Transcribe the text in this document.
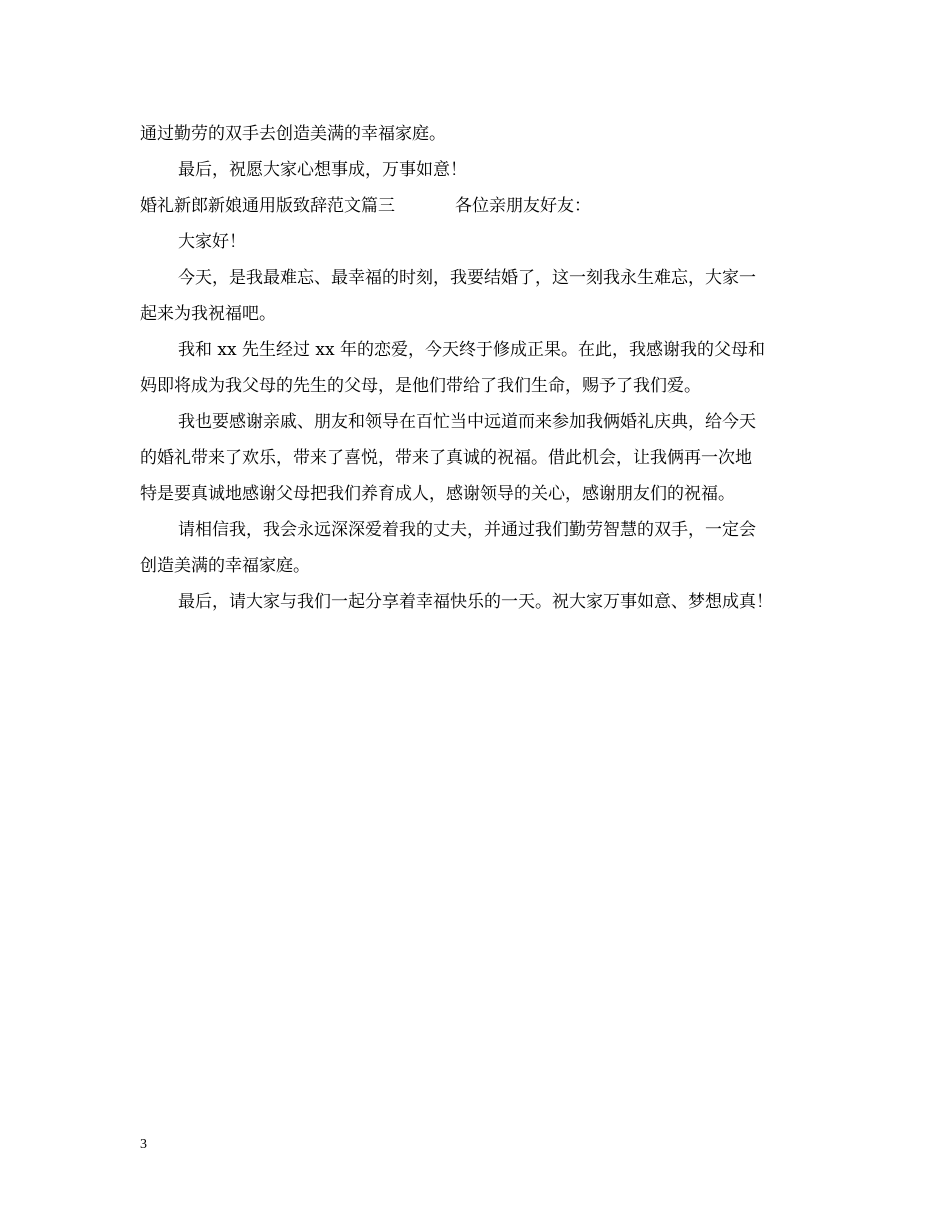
通过勤劳的双手去创造美满的幸福家庭。
最后，祝愿大家心想事成，万事如意！
婚礼新郎新娘通用版致辞范文篇三	各位亲朋友好友：
大家好！
今天，是我最难忘、最幸福的时刻，我要结婚了，这一刻我永生难忘，大家一
起来为我祝福吧。
我和 xx 先生经过 xx 年的恋爱，今天终于修成正果。在此，我感谢我的父母和
妈即将成为我父母的先生的父母，是他们带给了我们生命，赐予了我们爱。
我也要感谢亲戚、朋友和领导在百忙当中远道而来参加我俩婚礼庆典，给今天
的婚礼带来了欢乐，带来了喜悦，带来了真诚的祝福。借此机会，让我俩再一次地
特是要真诚地感谢父母把我们养育成人，感谢领导的关心，感谢朋友们的祝福。
请相信我，我会永远深深爱着我的丈夫，并通过我们勤劳智慧的双手，一定会
创造美满的幸福家庭。
最后，请大家与我们一起分享着幸福快乐的一天。祝大家万事如意、梦想成真！
3
